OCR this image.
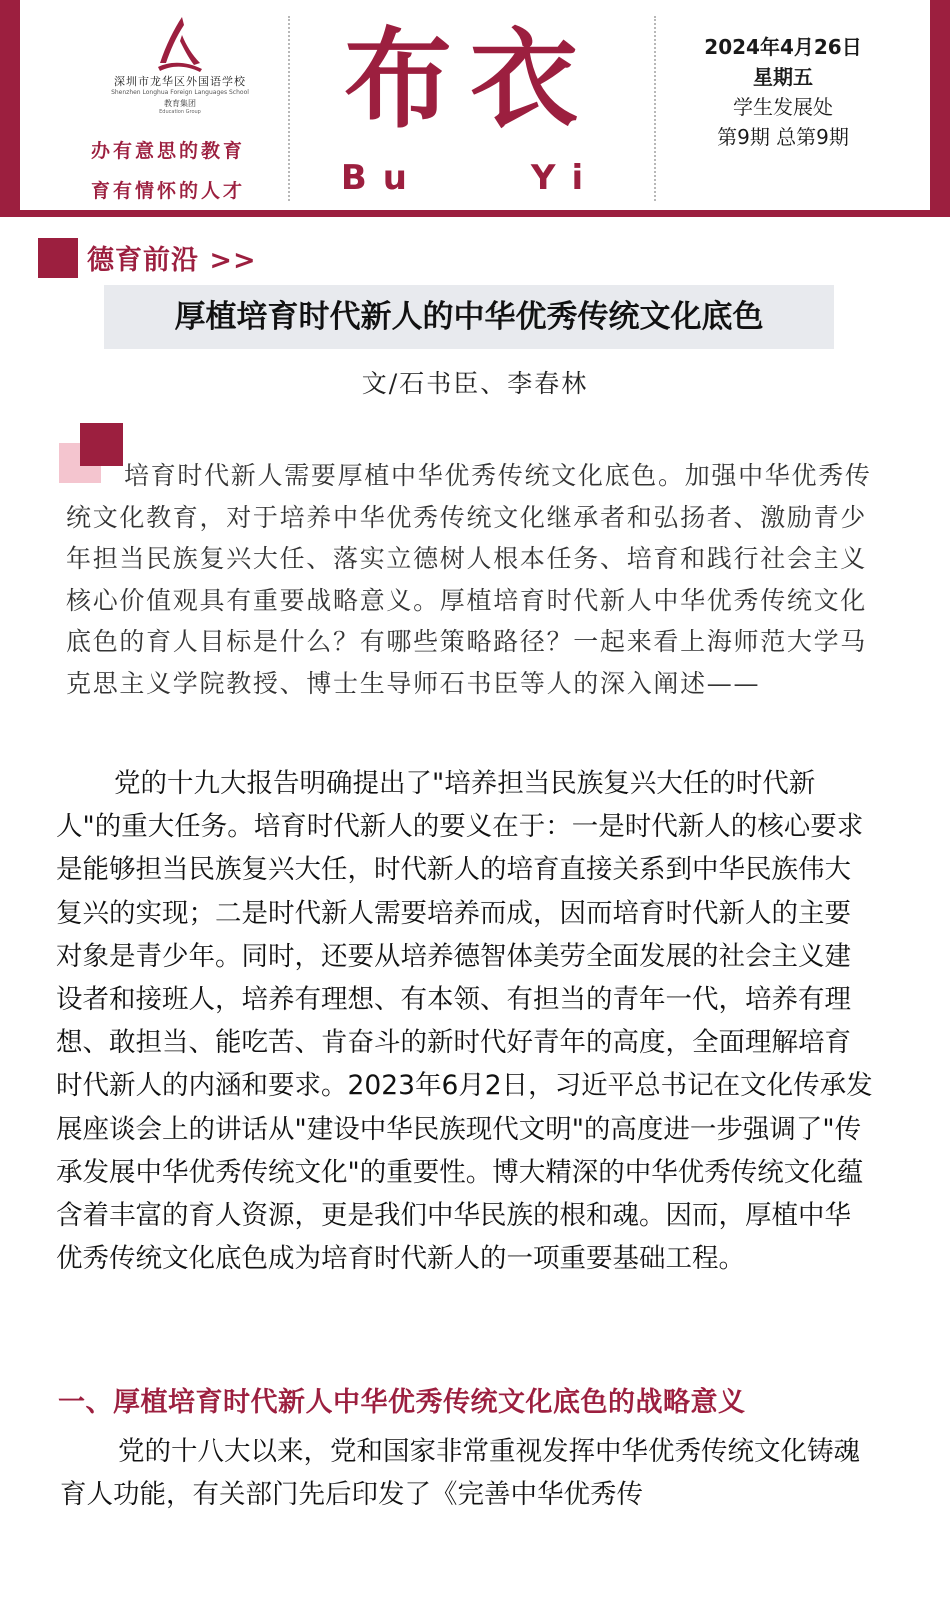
深圳市龙华区外国语学校
Shenzhen Longhua Foreign Languages School
教育集团
Education Group
办有意思的教育
育有情怀的人才
布衣
Bu Yi
2024年4月26日
星期五
学生发展处
第9期 总第9期
德育前沿 >>
厚植培育时代新人的中华优秀传统文化底色
文/石书臣、李春林

培育时代新人需要厚植中华优秀传统文化底色。加强中华优秀传统文化教育，对于培养中华优秀传统文化继承者和弘扬者、激励青少年担当民族复兴大任、落实立德树人根本任务、培育和践行社会主义核心价值观具有重要战略意义。厚植培育时代新人中华优秀传统文化底色的育人目标是什么？有哪些策略路径？一起来看上海师范大学马克思主义学院教授、博士生导师石书臣等人的深入阐述——

党的十九大报告明确提出了"培养担当民族复兴大任的时代新人"的重大任务。培育时代新人的要义在于：一是时代新人的核心要求是能够担当民族复兴大任，时代新人的培育直接关系到中华民族伟大复兴的实现；二是时代新人需要培养而成，因而培育时代新人的主要对象是青少年。同时，还要从培养德智体美劳全面发展的社会主义建设者和接班人，培养有理想、有本领、有担当的青年一代，培养有理想、敢担当、能吃苦、肯奋斗的新时代好青年的高度，全面理解培育时代新人的内涵和要求。2023年6月2日，习近平总书记在文化传承发展座谈会上的讲话从"建设中华民族现代文明"的高度进一步强调了"传承发展中华优秀传统文化"的重要性。博大精深的中华优秀传统文化蕴含着丰富的育人资源，更是我们中华民族的根和魂。因而，厚植中华优秀传统文化底色成为培育时代新人的一项重要基础工程。

一、厚植培育时代新人中华优秀传统文化底色的战略意义

党的十八大以来，党和国家非常重视发挥中华优秀传统文化铸魂育人功能，有关部门先后印发了《完善中华优秀传
